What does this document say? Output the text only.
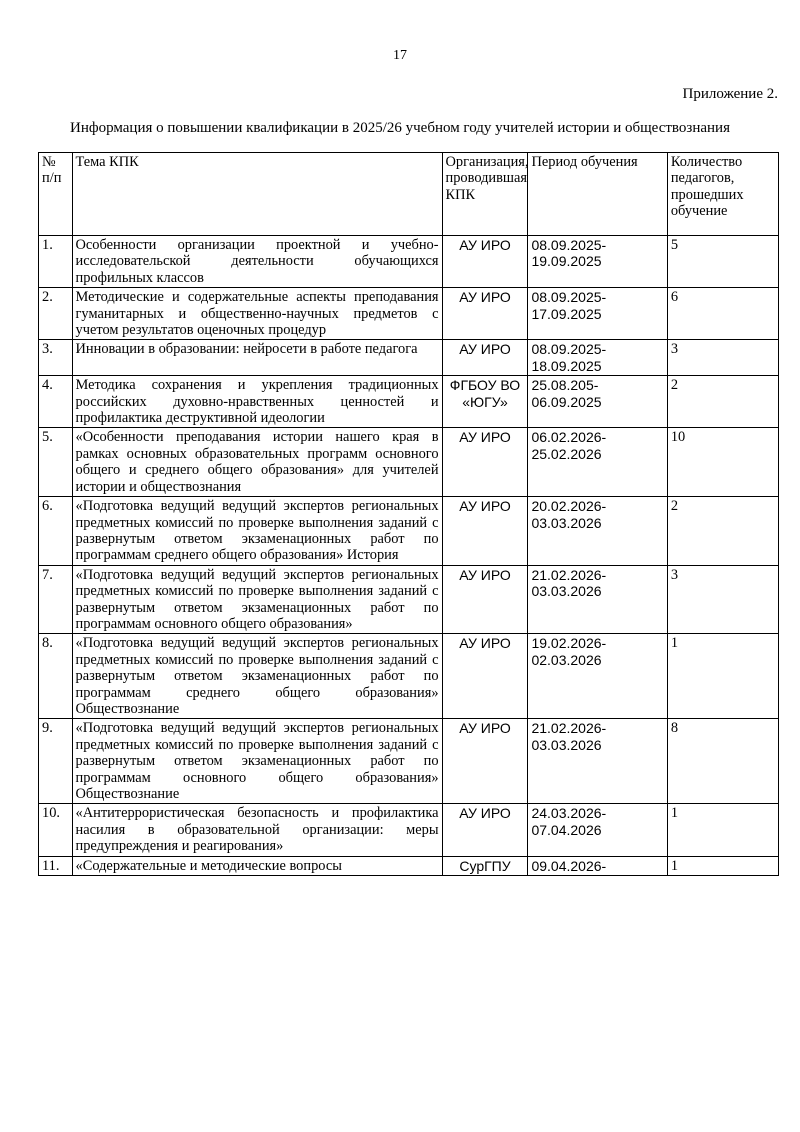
17
Приложение 2.
Информация о повышении квалификации в 2025/26 учебном году учителей истории и обществознания
№ п/п	Тема КПК	Организация, проводившая КПК	Период обучения	Количество педагогов, прошедших обучение
1.	Особенности организации проектной и учебно-исследовательской деятельности обучающихся профильных классов	АУ ИРО	08.09.2025-19.09.2025	5
2.	Методические и содержательные аспекты преподавания гуманитарных и общественно-научных предметов с учетом результатов оценочных процедур	АУ ИРО	08.09.2025-17.09.2025	6
3.	Инновации в образовании: нейросети в работе педагога	АУ ИРО	08.09.2025-18.09.2025	3
4.	Методика сохранения и укрепления традиционных российских духовно-нравственных ценностей и профилактика деструктивной идеологии	ФГБОУ ВО «ЮГУ»	25.08.205-06.09.2025	2
5.	«Особенности преподавания истории нашего края в рамках основных образовательных программ основного общего и среднего общего образования» для учителей истории и обществознания	АУ ИРО	06.02.2026-25.02.2026	10
6.	«Подготовка ведущий ведущий экспертов региональных предметных комиссий по проверке выполнения заданий с развернутым ответом экзаменационных работ по программам среднего общего образования» История	АУ ИРО	20.02.2026-03.03.2026	2
7.	«Подготовка ведущий ведущий экспертов региональных предметных комиссий по проверке выполнения заданий с развернутым ответом экзаменационных работ по программам основного общего образования»	АУ ИРО	21.02.2026-03.03.2026	3
8.	«Подготовка ведущий ведущий экспертов региональных предметных комиссий по проверке выполнения заданий с развернутым ответом экзаменационных работ по программам среднего общего образования» Обществознание	АУ ИРО	19.02.2026-02.03.2026	1
9.	«Подготовка ведущий ведущий экспертов региональных предметных комиссий по проверке выполнения заданий с развернутым ответом экзаменационных работ по программам основного общего образования» Обществознание	АУ ИРО	21.02.2026-03.03.2026	8
10.	«Антитеррористическая безопасность и профилактика насилия в образовательной организации: меры предупреждения и реагирования»	АУ ИРО	24.03.2026-07.04.2026	1
11.	«Содержательные и методические вопросы	СурГПУ	09.04.2026-	1
